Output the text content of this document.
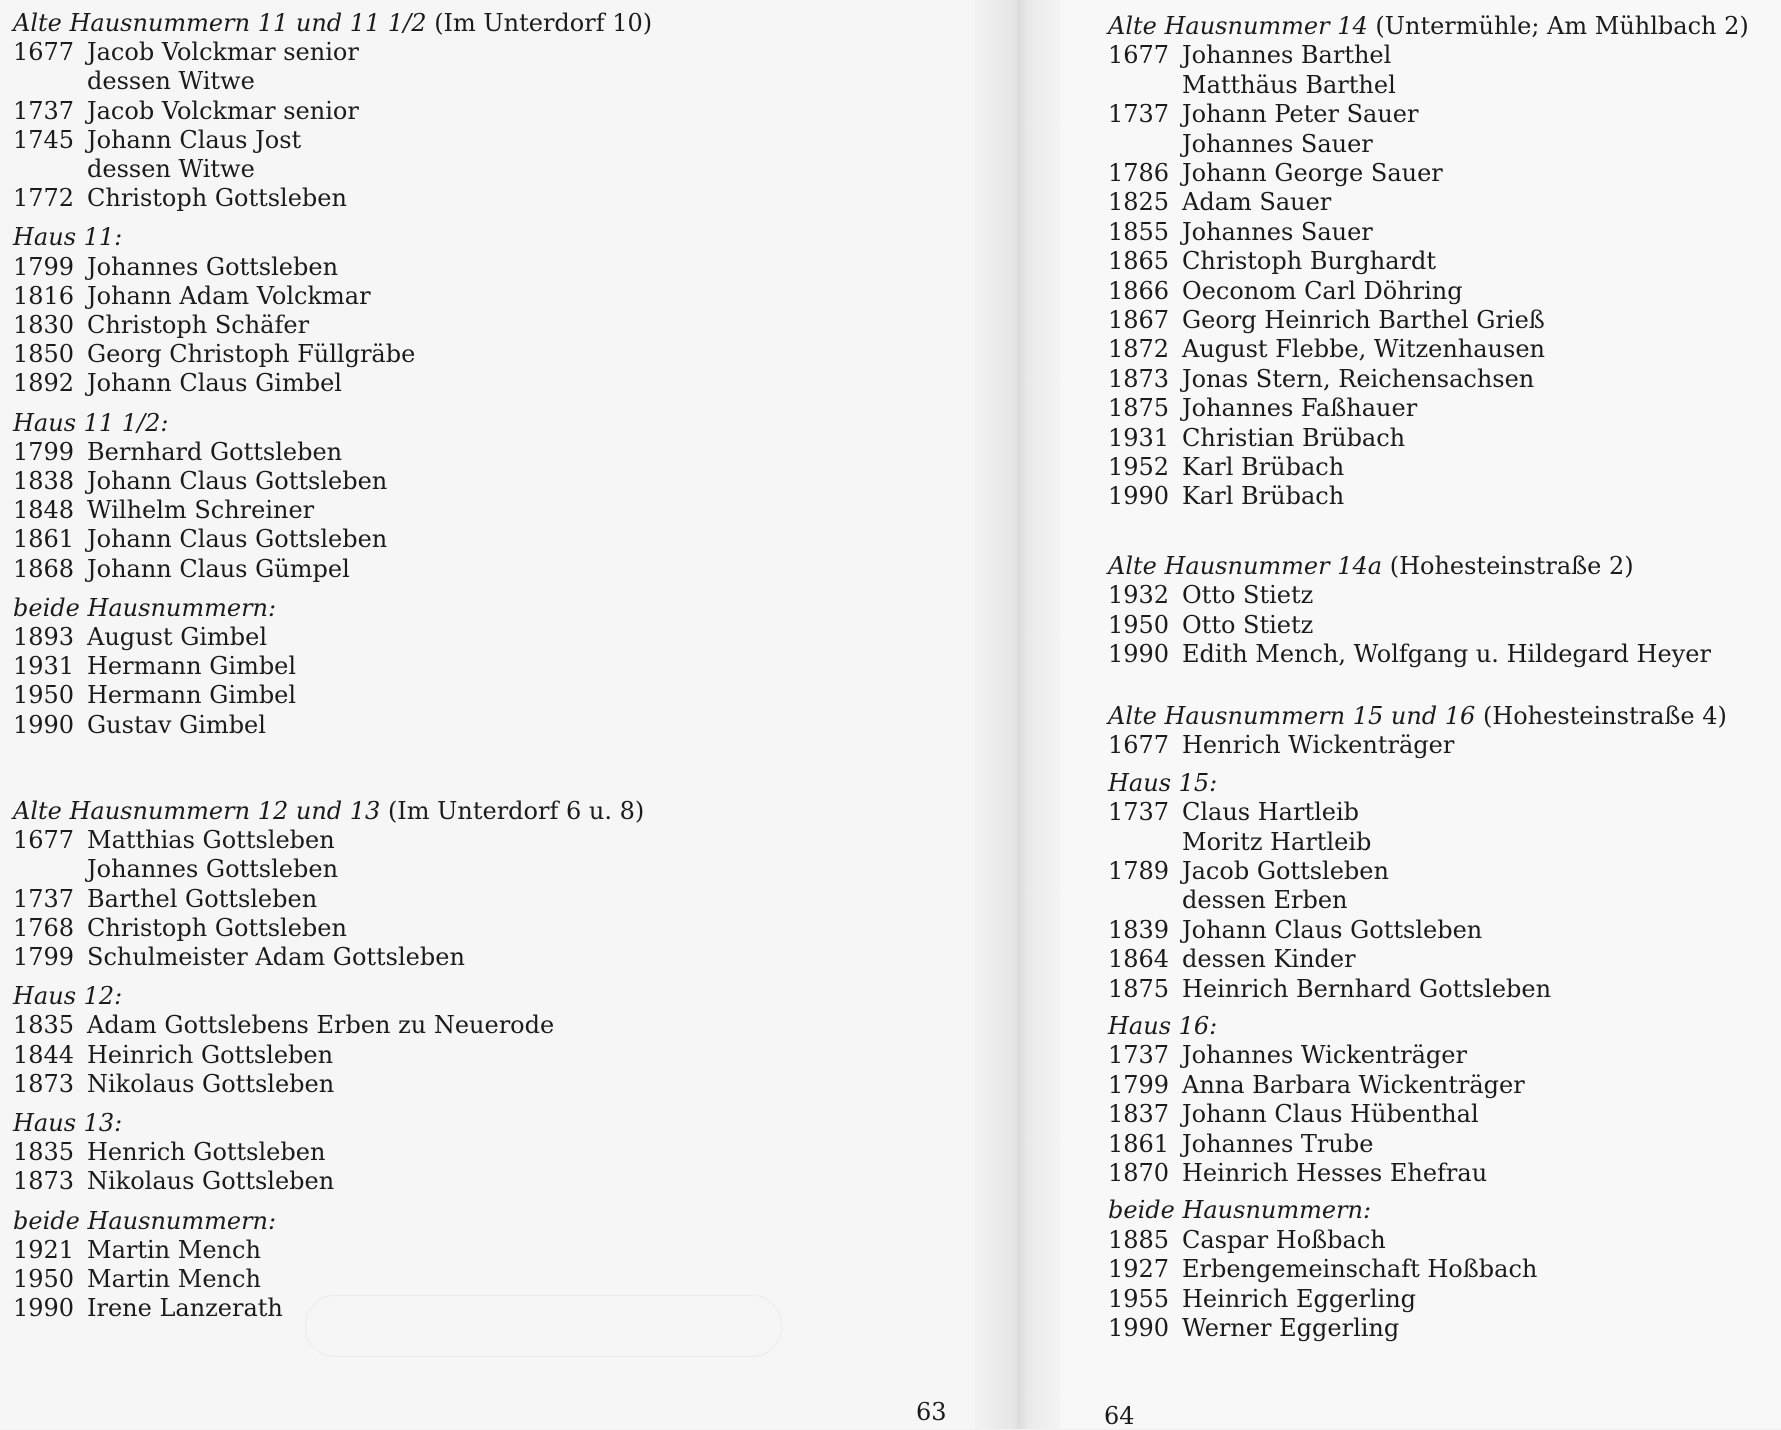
Alte Hausnummern 11 und 11 1/2 (Im Unterdorf 10)
1677 Jacob Volckmar senior
dessen Witwe
1737 Jacob Volckmar senior
1745 Johann Claus Jost
dessen Witwe
1772 Christoph Gottsleben
Haus 11:
1799 Johannes Gottsleben
1816 Johann Adam Volckmar
1830 Christoph Schäfer
1850 Georg Christoph Füllgräbe
1892 Johann Claus Gimbel
Haus 11 1/2:
1799 Bernhard Gottsleben
1838 Johann Claus Gottsleben
1848 Wilhelm Schreiner
1861 Johann Claus Gottsleben
1868 Johann Claus Gümpel
beide Hausnummern:
1893 August Gimbel
1931 Hermann Gimbel
1950 Hermann Gimbel
1990 Gustav Gimbel
Alte Hausnummern 12 und 13 (Im Unterdorf 6 u. 8)
1677 Matthias Gottsleben
Johannes Gottsleben
1737 Barthel Gottsleben
1768 Christoph Gottsleben
1799 Schulmeister Adam Gottsleben
Haus 12:
1835 Adam Gottslebens Erben zu Neuerode
1844 Heinrich Gottsleben
1873 Nikolaus Gottsleben
Haus 13:
1835 Henrich Gottsleben
1873 Nikolaus Gottsleben
beide Hausnummern:
1921 Martin Mench
1950 Martin Mench
1990 Irene Lanzerath
Alte Hausnummer 14 (Untermühle; Am Mühlbach 2)
1677 Johannes Barthel
Matthäus Barthel
1737 Johann Peter Sauer
Johannes Sauer
1786 Johann George Sauer
1825 Adam Sauer
1855 Johannes Sauer
1865 Christoph Burghardt
1866 Oeconom Carl Döhring
1867 Georg Heinrich Barthel Grieß
1872 August Flebbe, Witzenhausen
1873 Jonas Stern, Reichensachsen
1875 Johannes Faßhauer
1931 Christian Brübach
1952 Karl Brübach
1990 Karl Brübach
Alte Hausnummer 14a (Hohesteinstraße 2)
1932 Otto Stietz
1950 Otto Stietz
1990 Edith Mench, Wolfgang u. Hildegard Heyer
Alte Hausnummern 15 und 16 (Hohesteinstraße 4)
1677 Henrich Wickenträger
Haus 15:
1737 Claus Hartleib
Moritz Hartleib
1789 Jacob Gottsleben
dessen Erben
1839 Johann Claus Gottsleben
1864 dessen Kinder
1875 Heinrich Bernhard Gottsleben
Haus 16:
1737 Johannes Wickenträger
1799 Anna Barbara Wickenträger
1837 Johann Claus Hübenthal
1861 Johannes Trube
1870 Heinrich Hesses Ehefrau
beide Hausnummern:
1885 Caspar Hoßbach
1927 Erbengemeinschaft Hoßbach
1955 Heinrich Eggerling
1990 Werner Eggerling
63	64
